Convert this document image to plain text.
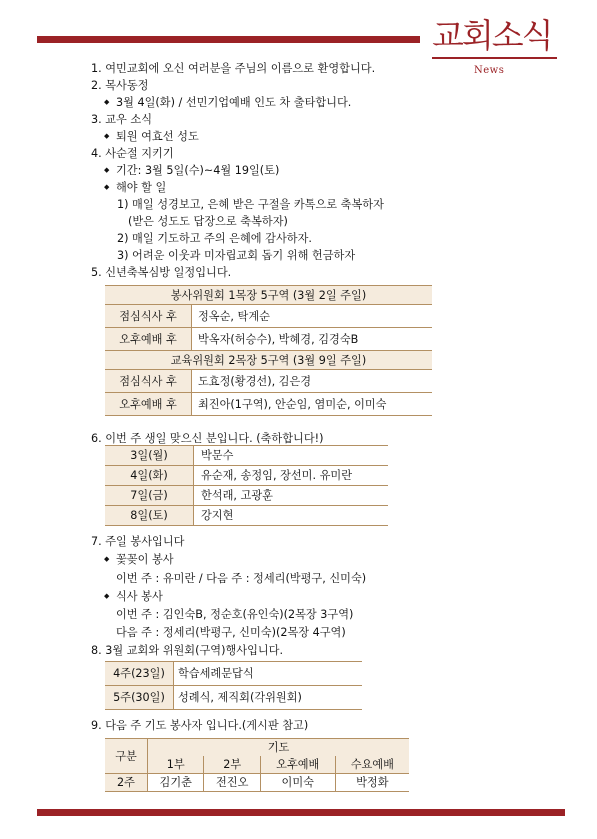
교회소식
News
1. 여민교회에 오신 여러분을 주님의 이름으로 환영합니다.
2. 목사동정
◆ 3월 4일(화) / 선민기업예배 인도 차 출타합니다.
3. 교우 소식
◆ 퇴원 여효선 성도
4. 사순절 지키기
◆ 기간: 3월 5일(수)~4월 19일(토)
◆ 해야 할 일
1) 매일 성경보고, 은혜 받은 구절을 카톡으로 축복하자
(받은 성도도 답장으로 축복하자)
2) 매일 기도하고 주의 은혜에 감사하자.
3) 어려운 이웃과 미자립교회 돕기 위해 헌금하자
5. 신년축복심방 일정입니다.
봉사위원회 1목장 5구역 (3월 2일 주일)	
점심식사 후	정옥순, 탁계순
오후예배 후	박옥자(허승수), 박혜경, 김경숙B
교육위원회 2목장 5구역 (3월 9일 주일)	
점심식사 후	도효정(황경선), 김은경
오후예배 후	최진아(1구역), 안순임, 염미순, 이미숙
6. 이번 주 생일 맞으신 분입니다. (축하합니다!)
3일(월)	박문수
4일(화)	유순재, 송정임, 장선미. 유미란
7일(금)	한석래, 고광훈
8일(토)	강지현
7. 주일 봉사입니다
◆ 꽃꽂이 봉사
이번 주 : 유미란 / 다음 주 : 정세리(박평구, 신미숙)
◆ 식사 봉사
이번 주 : 김인숙B, 정순호(유인숙)(2목장 3구역)
다음 주 : 정세리(박평구, 신미숙)(2목장 4구역)
8. 3월 교회와 위원회(구역)행사입니다.
4주(23일)	학습세례문답식
5주(30일)	성례식, 제직회(각위원회)
9. 다음 주 기도 봉사자 입니다.(게시판 참고)
구분	기도			
	1부	2부	오후예배	수요예배
2주	김기춘	전진오	이미숙	박정화
